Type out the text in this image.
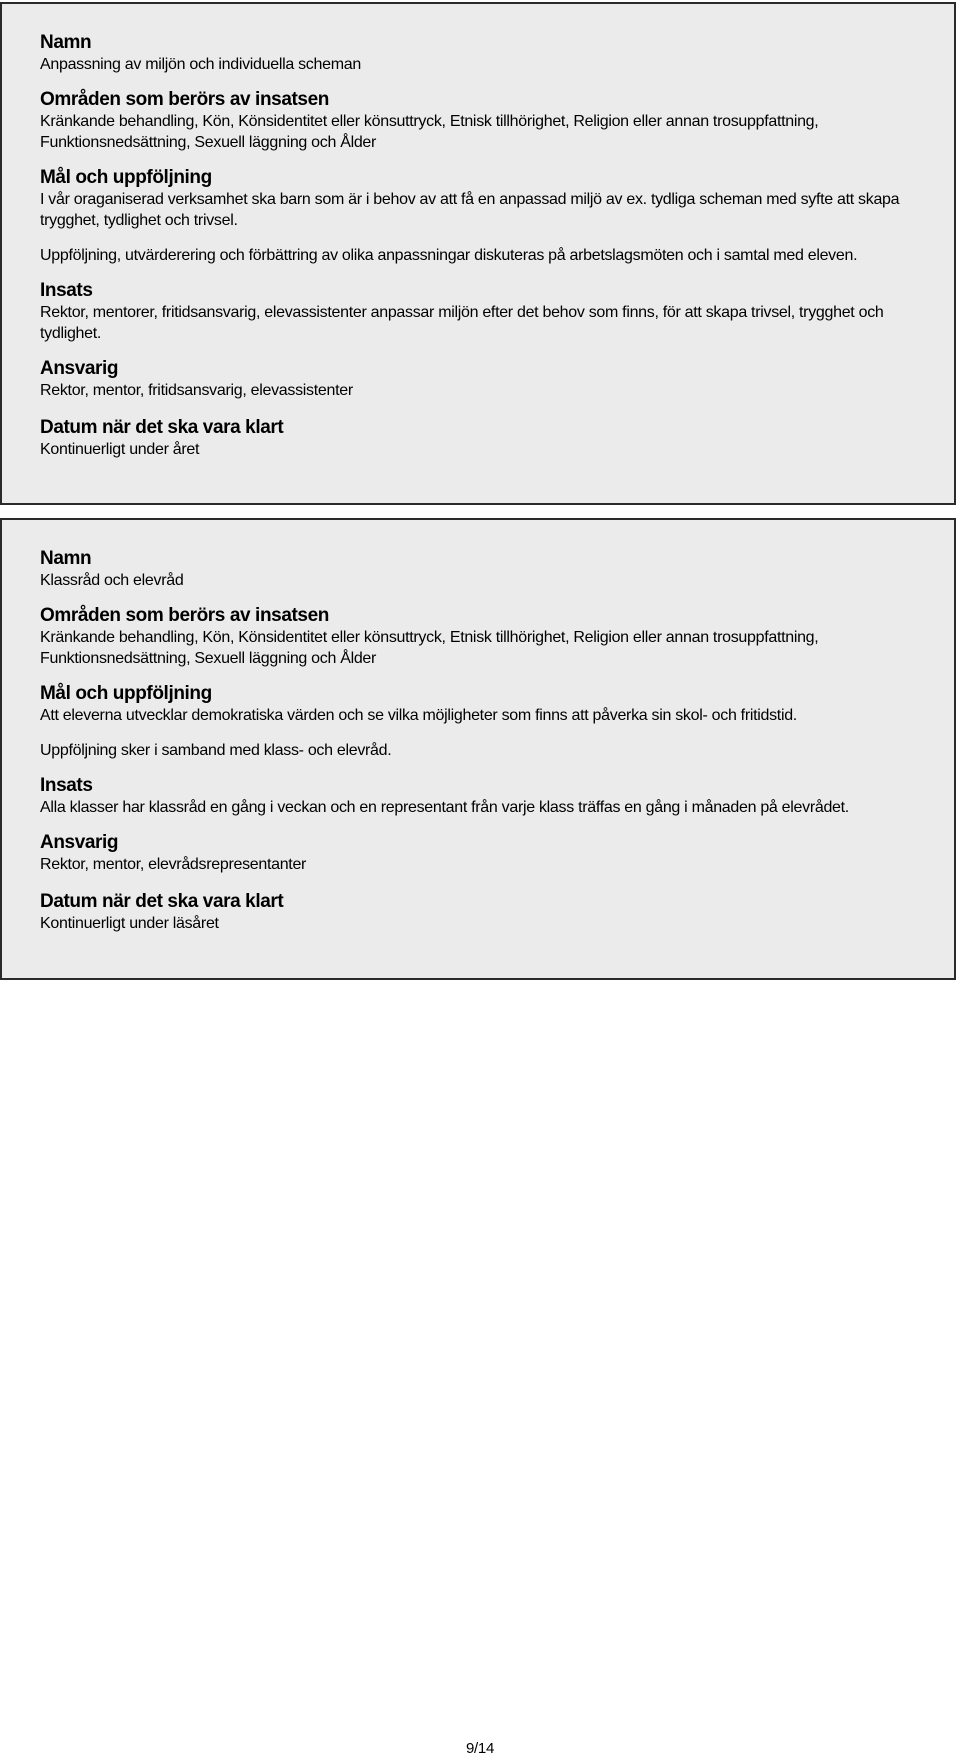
Namn

Anpassning av miljön och individuella scheman

Områden som berörs av insatsen

Kränkande behandling, Kön, Könsidentitet eller könsuttryck, Etnisk tillhörighet, Religion eller annan trosuppfattning, Funktionsnedsättning, Sexuell läggning och Ålder

Mål och uppföljning

I vår oraganiserad verksamhet ska barn som är i behov av att få en anpassad miljö av ex. tydliga scheman med syfte att skapa trygghet, tydlighet och trivsel.

Uppföljning, utvärderering och förbättring av olika anpassningar diskuteras på arbetslagsmöten och i samtal med eleven.

Insats

Rektor, mentorer, fritidsansvarig, elevassistenter anpassar miljön efter det behov som finns, för att skapa trivsel, trygghet och tydlighet.

Ansvarig

Rektor, mentor, fritidsansvarig, elevassistenter

Datum när det ska vara klart

Kontinuerligt under året

Namn

Klassråd och elevråd

Områden som berörs av insatsen

Kränkande behandling, Kön, Könsidentitet eller könsuttryck, Etnisk tillhörighet, Religion eller annan trosuppfattning, Funktionsnedsättning, Sexuell läggning och Ålder

Mål och uppföljning

Att eleverna utvecklar demokratiska värden och se vilka möjligheter som finns att påverka sin skol- och fritidstid.

Uppföljning sker i samband med klass- och elevråd.

Insats

Alla klasser har klassråd en gång i veckan och en representant från varje klass träffas en gång i månaden på elevrådet.

Ansvarig

Rektor, mentor, elevrådsrepresentanter

Datum när det ska vara klart

Kontinuerligt under läsåret

9/14
